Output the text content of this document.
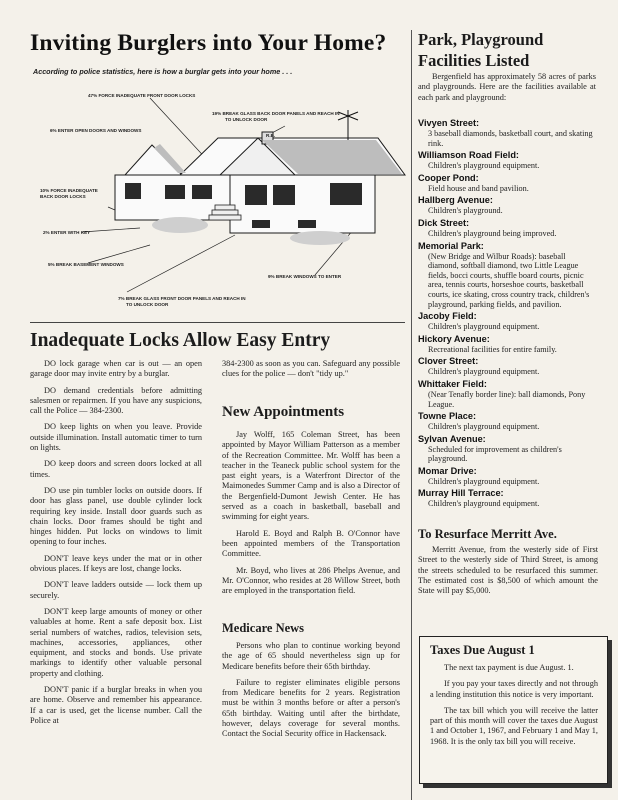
Inviting Burglers into Your Home?
According to police statistics, here is how a burglar gets into your home . . .
47% FORCE INADEQUATE FRONT DOOR LOCKS
6% ENTER OPEN DOORS AND WINDOWS
19% BREAK GLASS BACK DOOR PANELS AND REACH IN
TO UNLOCK DOOR
R.B.
10% FORCE INADEQUATE
BACK DOOR LOCKS
2% ENTER WITH KEY
5% BREAK BASEMENT WINDOWS
9% BREAK WINDOWS TO ENTER
7% BREAK GLASS FRONT DOOR PANELS AND REACH IN
TO UNLOCK DOOR
Inadequate Locks Allow Easy Entry

DO lock garage when car is out — an open garage door may invite entry by a burglar.

DO demand credentials before admitting salesmen or repairmen. If you have any suspicions, call the Police — 384-2300.

DO keep lights on when you leave. Provide outside illumination. Install automatic timer to turn on lights.

DO keep doors and screen doors locked at all times.

DO use pin tumbler locks on outside doors. If door has glass panel, use double cylinder lock requiring key inside. Install door guards such as chain locks. Door frames should be tight and hinges hidden. Put locks on windows to limit opening to four inches.

DON'T leave keys under the mat or in other obvious places. If keys are lost, change locks.

DON'T leave ladders outside — lock them up securely.

DON'T keep large amounts of money or other valuables at home. Rent a safe deposit box. List serial numbers of watches, radios, television sets, machines, accessories, appliances, other equipment, and stocks and bonds. Use private markings to identify other valuable personal property and clothing.

DON'T panic if a burglar breaks in when you are home. Observe and remember his appearance. If a car is used, get the license number. Call the Police at

384-2300 as soon as you can. Safeguard any possible clues for the police — don't "tidy up."

New Appointments

Jay Wolff, 165 Coleman Street, has been appointed by Mayor William Patterson as a member of the Recreation Committee. Mr. Wolff has been a teacher in the Teaneck public school system for the past eight years, is a Waterfront Director of the Maimonedes Summer Camp and is also a Director of the Bergenfield-Dumont Jewish Center. He has served as a coach in basketball, baseball and swimming for eight years.

Harold E. Boyd and Ralph B. O'Connor have been appointed members of the Transportation Committee.

Mr. Boyd, who lives at 286 Phelps Avenue, and Mr. O'Connor, who resides at 28 Willow Street, both are employed in the transportation field.

Medicare News

Persons who plan to continue working beyond the age of 65 should nevertheless sign up for Medicare benefits before their 65th birthday.

Failure to register eliminates eligible persons from Medicare benefits for 2 years. Registration must be within 3 months before or after a person's 65th birthday. Waiting until after the birthdate, however, delays coverage for several months. Contact the Social Security office in Hackensack.

Park, Playground
Facilities Listed

Bergenfield has approximately 58 acres of parks and playgrounds. Here are the facilities available at each park and playground:

Vivyen Street:
3 baseball diamonds, basketball court, and skating rink.
Williamson Road Field:
Children's playground equipment.
Cooper Pond:
Field house and band pavilion.
Hallberg Avenue:
Children's playground.
Dick Street:
Children's playground being improved.
Memorial Park:
(New Bridge and Wilbur Roads): baseball diamond, softball diamond, two Little League fields, bocci courts, shuffle board courts, picnic area, tennis courts, horseshoe courts, basketball courts, ice skating, cross country track, children's playground, parking fields, and pavilion.
Jacoby Field:
Children's playground equipment.
Hickory Avenue:
Recreational facilities for entire family.
Clover Street:
Children's playground equipment.
Whittaker Field:
(Near Tenafly border line): ball diamonds, Pony League.
Towne Place:
Children's playground equipment.
Sylvan Avenue:
Scheduled for improvement as children's playground.
Momar Drive:
Children's playground equipment.
Murray Hill Terrace:
Children's playground equipment.
To Resurface Merritt Ave.

Merritt Avenue, from the westerly side of First Street to the westerly side of Third Street, is among the streets scheduled to be resurfaced this summer. The estimated cost is $8,500 of which amount the State will pay $5,000.

Taxes Due August 1

The next tax payment is due August. 1.

If you pay your taxes directly and not through a lending institution this notice is very important.

The tax bill which you will receive the latter part of this month will cover the taxes due August 1 and October 1, 1967, and February 1 and May 1, 1968. It is the only tax bill you will receive.
